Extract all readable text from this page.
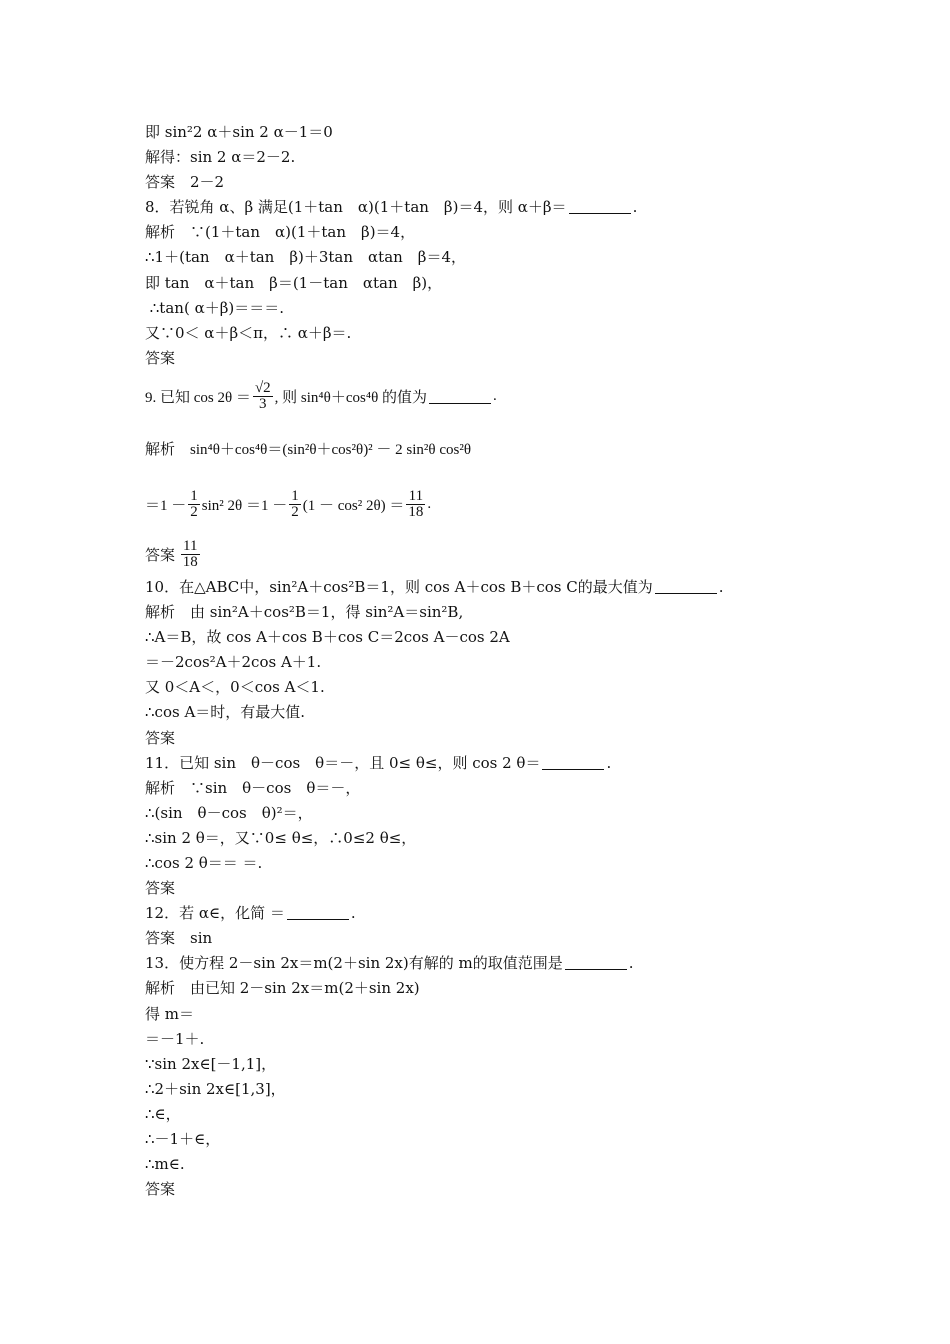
即 sin²2 α＋sin 2 α－1＝0
解得：sin 2 α＝2－2.
答案　2－2
8．若锐角 α、β 满足(1＋tan　α)(1＋tan　β)＝4，则 α＋β＝	.
解析　∵(1＋tan　α)(1＋tan　β)＝4，
∴1＋(tan　α＋tan　β)＋3tan　αtan　β＝4，
即 tan　α＋tan　β＝(1－tan　αtan　β)，
∴tan( α＋β)＝＝＝.
又∵0＜ α＋β＜π，∴ α＋β＝.
答案
9. 已知 $\cos 2\theta = \frac{√2}{3}$ , 则 sin⁴θ＋cos⁴θ 的值为	.
解析　sin⁴θ＋cos⁴θ＝(sin²θ＋cos²θ)² － 2 sin²θ cos²θ
$=1 - \frac{1}{2} \sin^2$ $2\theta =1 - \frac{1}{2} (1 - \cos^2$ $2\theta) = \frac{11}{18}$ .
答案
$\frac{11}{18}$
10．在△ABC中，sin²A＋cos²B＝1，则 cos A＋cos B＋cos C的最大值为	.
解析　由 sin²A＋cos²B＝1，得 sin²A＝sin²B,
∴A＝B，故 cos A＋cos B＋cos C＝2cos A－cos 2A
＝－2cos²A＋2cos A＋1.
又 0＜A＜，0＜cos A＜1.
∴cos A＝时，有最大值.
答案
11．已知 sin　θ－cos　θ＝－，且 0≤ θ≤，则 cos 2 θ＝	.
解析　∵sin　θ－cos　θ＝－，
∴(sin　θ－cos　θ)²＝，
∴sin 2 θ＝，又∵0≤ θ≤，∴0≤2 θ≤，
∴cos 2 θ＝＝ ＝.
答案
12．若 α∈，化简 ＝	.
答案　sin
13．使方程 2－sin 2x＝m(2＋sin 2x)有解的 m的取值范围是	.
解析　由已知 2－sin 2x＝m(2＋sin 2x)
得 m＝
＝－1＋.
∵sin 2x∈[－1,1]，
∴2＋sin 2x∈[1,3]，
∴∈，
∴－1＋∈，
∴m∈.
答案
